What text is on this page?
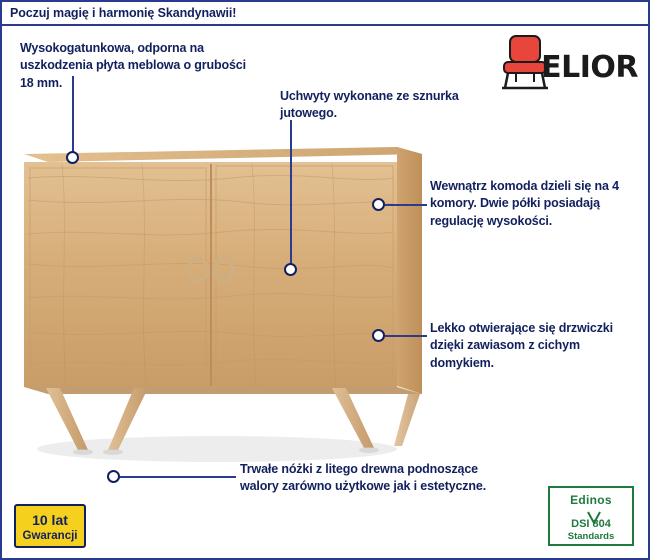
Poczuj magię i harmonię Skandynawii!
Wysokogatunkowa, odporna na uszkodzenia płyta meblowa o grubości 18 mm.
Uchwyty wykonane ze sznurka jutowego.
Wewnątrz komoda dzieli się na 4 komory. Dwie półki posiadają regulację wysokości.
Lekko otwierające się drzwiczki dzięki zawiasom z cichym domykiem.
Trwałe nóżki z litego drewna podnoszące walory zarówno użytkowe jak i estetyczne.
ELIOR
10 lat
Gwarancji
Edinos
DSI 804
Standards
